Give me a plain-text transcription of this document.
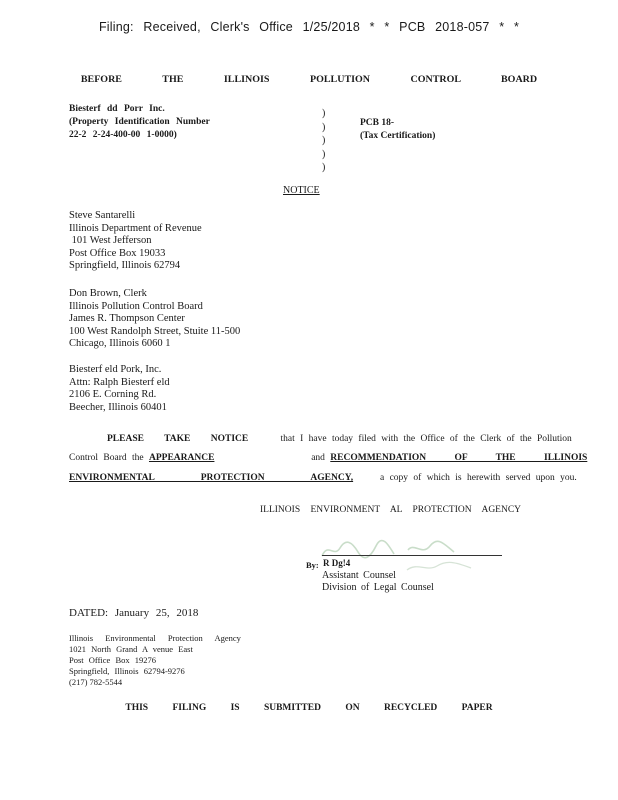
Filing: Received, Clerk's Office 1/25/2018 * * PCB 2018-057 * *
BEFORE THE ILLINOIS POLLUTION CONTROL BOARD
Biesterf dd Porr Inc.
(Property Identification Number
22-2 2-24-400-00 1-0000)
)
)
)
)
)
PCB 18-
(Tax Certification)
NOTICE
Steve Santarelli
Illinois Department of Revenue
101 West Jefferson
Post Office Box 19033
Springfield, Illinois 62794
Don Brown, Clerk
Illinois Pollution Control Board
James R. Thompson Center
100 West Randolph Street, Stuite 11-500
Chicago, Illinois 6060 1
Biesterf eld Pork, Inc.
Attn: Ralph Biesterf eld
2106 E. Corning Rd.
Beecher, Illinois 60401
PLEASE TAKE NOTICE	that I have today filed with the Office of the Clerk of the Pollution
Control Board the APPEARANCE	and RECOMMENDATION OF THE ILLINOIS
ENVIRONMENTAL PROTECTION AGENCY,	a copy of which is herewith served upon you.
ILLINOIS ENVIRONMENT AL PROTECTION AGENCY
By: R Dg!4
Assistant Counsel
Division of Legal Counsel
DATED: January 25, 2018
Illinois Environmental Protection Agency
1021 North Grand A venue East
Post Office Box 19276
Springfield, Illinois 62794-9276
(217) 782-5544
THIS FILING IS SUBMITTED ON RECYCLED PAPER
